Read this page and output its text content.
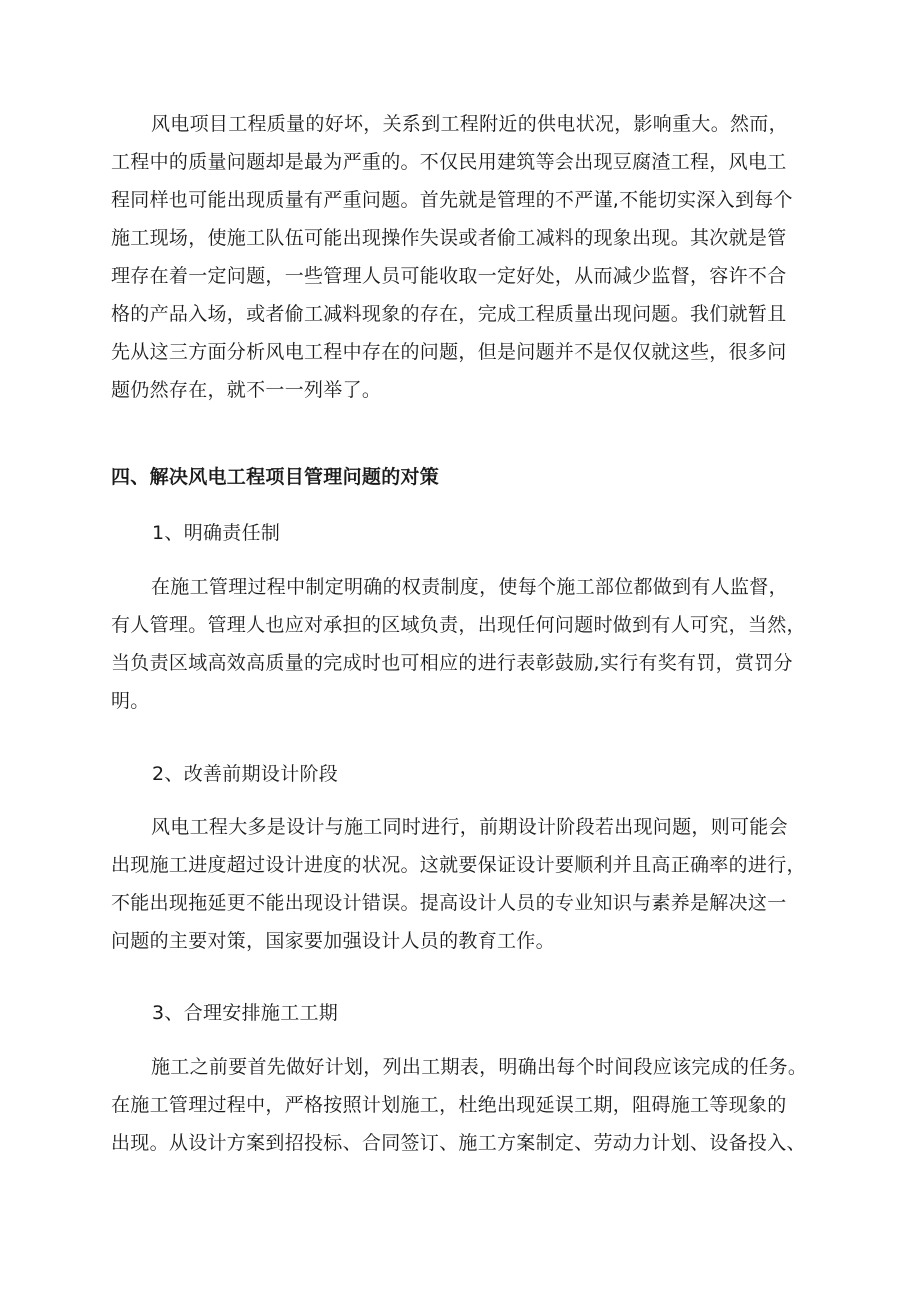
风电项目工程质量的好坏，关系到工程附近的供电状况，影响重大。然而，
工程中的质量问题却是最为严重的。不仅民用建筑等会出现豆腐渣工程，风电工
程同样也可能出现质量有严重问题。首先就是管理的不严谨,不能切实深入到每个
施工现场，使施工队伍可能出现操作失误或者偷工减料的现象出现。其次就是管
理存在着一定问题，一些管理人员可能收取一定好处，从而减少监督，容许不合
格的产品入场，或者偷工减料现象的存在，完成工程质量出现问题。我们就暂且
先从这三方面分析风电工程中存在的问题，但是问题并不是仅仅就这些，很多问
题仍然存在，就不一一列举了。
四、解决风电工程项目管理问题的对策
1、明确责任制
在施工管理过程中制定明确的权责制度，使每个施工部位都做到有人监督，
有人管理。管理人也应对承担的区域负责，出现任何问题时做到有人可究，当然，
当负责区域高效高质量的完成时也可相应的进行表彰鼓励,实行有奖有罚，赏罚分
明。
2、改善前期设计阶段
风电工程大多是设计与施工同时进行，前期设计阶段若出现问题，则可能会
出现施工进度超过设计进度的状况。这就要保证设计要顺利并且高正确率的进行，
不能出现拖延更不能出现设计错误。提高设计人员的专业知识与素养是解决这一
问题的主要对策，国家要加强设计人员的教育工作。
3、合理安排施工工期
施工之前要首先做好计划，列出工期表，明确出每个时间段应该完成的任务。
在施工管理过程中，严格按照计划施工，杜绝出现延误工期，阻碍施工等现象的
出现。从设计方案到招投标、合同签订、施工方案制定、劳动力计划、设备投入、
